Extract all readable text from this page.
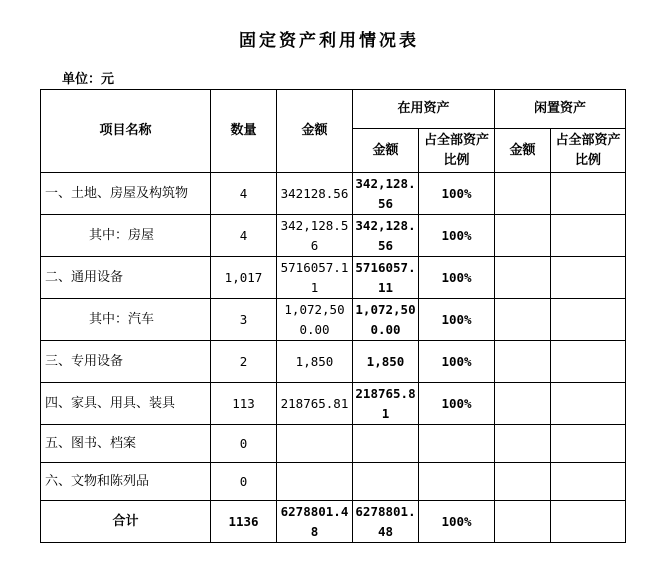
固定资产利用情况表
单位：元
项目名称	数量	金额	在用资产		闲置资产	
			金额	占全部资产比例	金额	占全部资产比例
一、土地、房屋及构筑物	4	342128.56	342,128.56	100%		
其中：房屋	4	342,128.56	342,128.56	100%		
二、通用设备	1,017	5716057.11	5716057.11	100%		
其中：汽车	3	1,072,500.00	1,072,500.00	100%		
三、专用设备	2	1,850	1,850	100%		
四、家具、用具、装具	113	218765.81	218765.81	100%		
五、图书、档案	0					
六、文物和陈列品	0					
合计	1136	6278801.48	6278801.48	100%		
